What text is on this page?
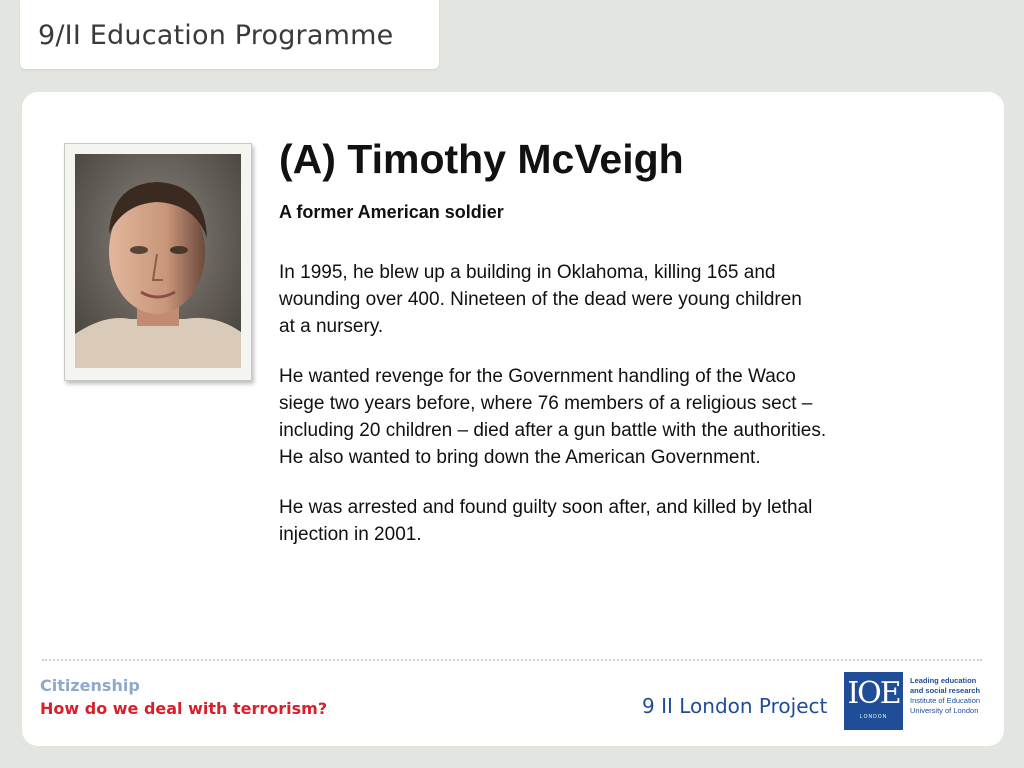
9/II Education Programme
(A) Timothy McVeigh
A former American soldier

In 1995, he blew up a building in Oklahoma, killing 165 and
wounding over 400. Nineteen of the dead were young children
at a nursery.

He wanted revenge for the Government handling of the Waco
siege two years before, where 76 members of a religious sect –
including 20 children – died after a gun battle with the authorities.
He also wanted to bring down the American Government.

He was arrested and found guilty soon after, and killed by lethal
injection in 2001.

Citizenship
How do we deal with terrorism?	9 II London Project IOE
LONDON
Leading education
and social research
Institute of Education
University of London
